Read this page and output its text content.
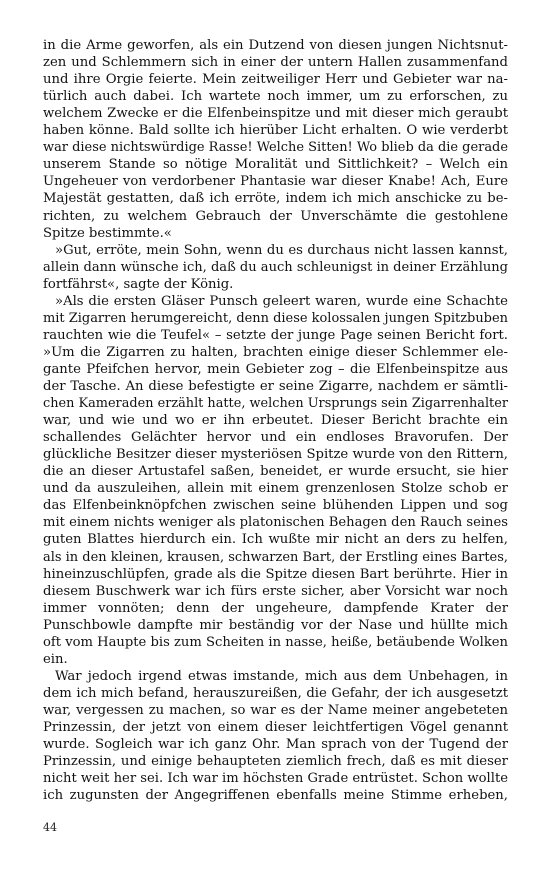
in die Arme geworfen, als ein Dutzend von diesen jungen Nichtsnut-
zen und Schlemmern sich in einer der untern Hallen zusammenfand
und ihre Orgie feierte. Mein zeitweiliger Herr und Gebieter war na-
türlich auch dabei. Ich wartete noch immer, um zu erforschen, zu
welchem Zwecke er die Elfenbeinspitze und mit dieser mich geraubt
haben könne. Bald sollte ich hierüber Licht erhalten. O wie verderbt
war diese nichtswürdige Rasse! Welche Sitten! Wo blieb da die gerade
unserem Stande so nötige Moralität und Sittlichkeit? – Welch ein
Ungeheuer von verdorbener Phantasie war dieser Knabe! Ach, Eure
Majestät gestatten, daß ich erröte, indem ich mich anschicke zu be-
richten, zu welchem Gebrauch der Unverschämte die gestohlene
Spitze bestimmte.«
»Gut, erröte, mein Sohn, wenn du es durchaus nicht lassen kannst,
allein dann wünsche ich, daß du auch schleunigst in deiner Erzählung
fortfährst«, sagte der König.
»Als die ersten Gläser Punsch geleert waren, wurde eine Schachte
mit Zigarren herumgereicht, denn diese kolossalen jungen Spitzbuben
rauchten wie die Teufel« – setzte der junge Page seinen Bericht fort.
»Um die Zigarren zu halten, brachten einige dieser Schlemmer ele-
gante Pfeifchen hervor, mein Gebieter zog – die Elfenbeinspitze aus
der Tasche. An diese befestigte er seine Zigarre, nachdem er sämtli-
chen Kameraden erzählt hatte, welchen Ursprungs sein Zigarrenhalter
war, und wie und wo er ihn erbeutet. Dieser Bericht brachte ein
schallendes Gelächter hervor und ein endloses Bravorufen. Der
glückliche Besitzer dieser mysteriösen Spitze wurde von den Rittern,
die an dieser Artustafel saßen, beneidet, er wurde ersucht, sie hier
und da auszuleihen, allein mit einem grenzenlosen Stolze schob er
das Elfenbeinknöpfchen zwischen seine blühenden Lippen und sog
mit einem nichts weniger als platonischen Behagen den Rauch seines
guten Blattes hierdurch ein. Ich wußte mir nicht an ders zu helfen,
als in den kleinen, krausen, schwarzen Bart, der Erstling eines Bartes,
hineinzuschlüpfen, grade als die Spitze diesen Bart berührte. Hier in
diesem Buschwerk war ich fürs erste sicher, aber Vorsicht war noch
immer vonnöten; denn der ungeheure, dampfende Krater der
Punschbowle dampfte mir beständig vor der Nase und hüllte mich
oft vom Haupte bis zum Scheiten in nasse, heiße, betäubende Wolken
ein.
War jedoch irgend etwas imstande, mich aus dem Unbehagen, in
dem ich mich befand, herauszureißen, die Gefahr, der ich ausgesetzt
war, vergessen zu machen, so war es der Name meiner angebeteten
Prinzessin, der jetzt von einem dieser leichtfertigen Vögel genannt
wurde. Sogleich war ich ganz Ohr. Man sprach von der Tugend der
Prinzessin, und einige behaupteten ziemlich frech, daß es mit dieser
nicht weit her sei. Ich war im höchsten Grade entrüstet. Schon wollte
ich zugunsten der Angegriffenen ebenfalls meine Stimme erheben,
44
